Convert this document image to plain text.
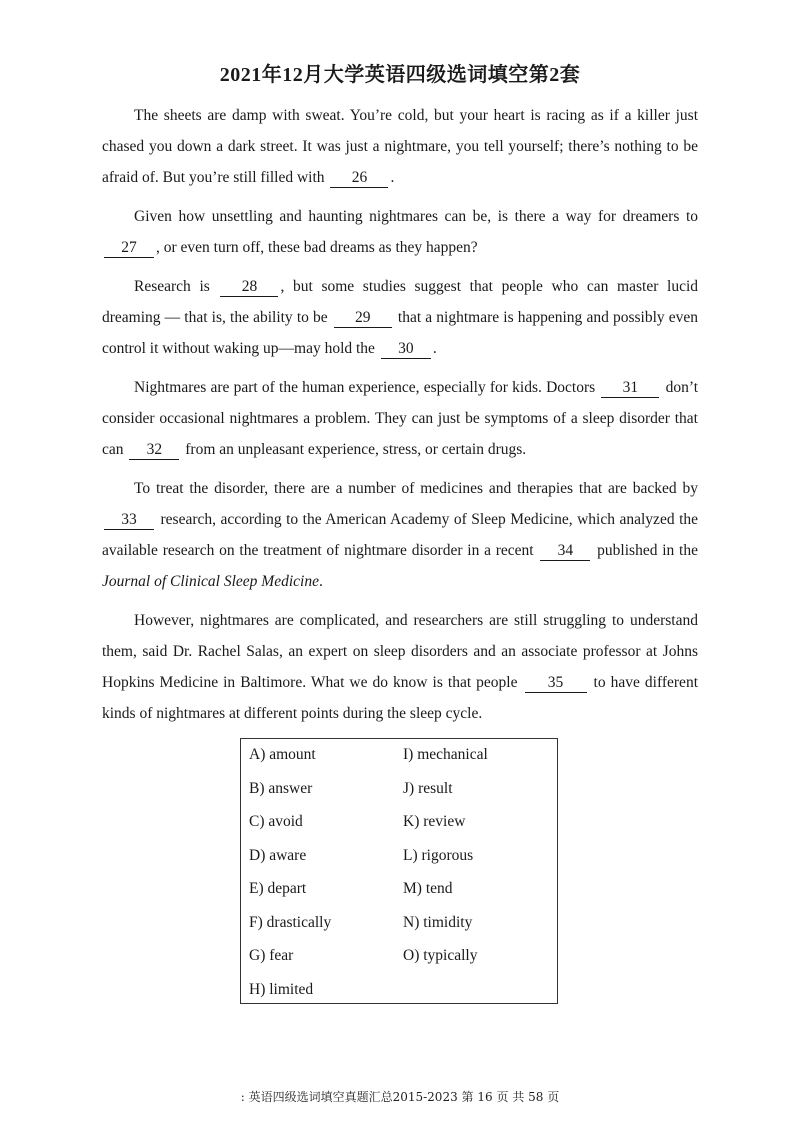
2021年12月大学英语四级选词填空第2套

The sheets are damp with sweat. You’re cold, but your heart is racing as if a killer just chased you down a dark street. It was just a nightmare, you tell yourself; there’s nothing to be afraid of. But you’re still filled with 26 .

Given how unsettling and haunting nightmares can be, is there a way for dreamers to 27 , or even turn off, these bad dreams as they happen?

Research is 28 , but some studies suggest that people who can master lucid dreaming — that is, the ability to be 29 that a nightmare is happening and possibly even control it without waking up—may hold the 30 .

Nightmares are part of the human experience, especially for kids. Doctors 31 don’t consider occasional nightmares a problem. They can just be symptoms of a sleep disorder that can 32 from an unpleasant experience, stress, or certain drugs.

To treat the disorder, there are a number of medicines and therapies that are backed by 33 research, according to the American Academy of Sleep Medicine, which analyzed the available research on the treatment of nightmare disorder in a recent 34 published in the Journal of Clinical Sleep Medicine.

However, nightmares are complicated, and researchers are still struggling to understand them, said Dr. Rachel Salas, an expert on sleep disorders and an associate professor at Johns Hopkins Medicine in Baltimore. What we do know is that people 35 to have different kinds of nightmares at different points during the sleep cycle.

A) amount	I) mechanical
B) answer	J) result
C) avoid	K) review
D) aware	L) rigorous
E) depart	M) tend
F) drastically	N) timidity
G) fear	O) typically
H) limited
: 英语四级选词填空真题汇总2015-2023 第 16 页 共 58 页
